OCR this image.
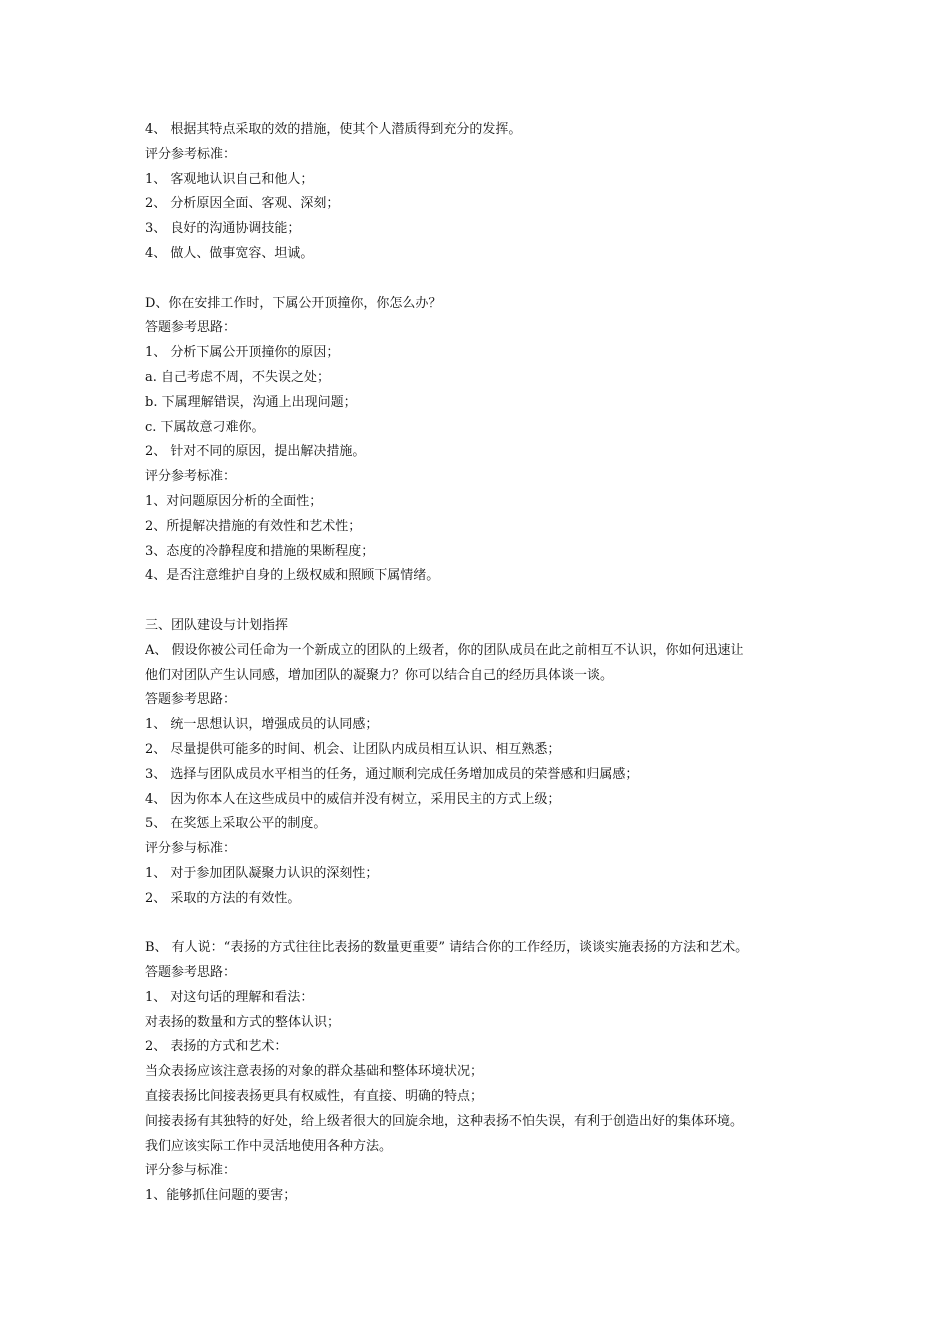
4、 根据其特点采取的效的措施，使其个人潜质得到充分的发挥。
评分参考标准：
1、 客观地认识自己和他人；
2、 分析原因全面、客观、深刻；
3、 良好的沟通协调技能；
4、 做人、做事宽容、坦诚。
D、你在安排工作时，下属公开顶撞你，你怎么办？
答题参考思路：
1、 分析下属公开顶撞你的原因；
a. 自己考虑不周，不失误之处；
b. 下属理解错误，沟通上出现问题；
c. 下属故意刁难你。
2、 针对不同的原因，提出解决措施。
评分参考标准：
1、对问题原因分析的全面性；
2、所提解决措施的有效性和艺术性；
3、态度的冷静程度和措施的果断程度；
4、是否注意维护自身的上级权威和照顾下属情绪。
三、团队建设与计划指挥
A、 假设你被公司任命为一个新成立的团队的上级者，你的团队成员在此之前相互不认识，你如何迅速让
他们对团队产生认同感，增加团队的凝聚力？你可以结合自己的经历具体谈一谈。
答题参考思路：
1、 统一思想认识，增强成员的认同感；
2、 尽量提供可能多的时间、机会、让团队内成员相互认识、相互熟悉；
3、 选择与团队成员水平相当的任务，通过顺利完成任务增加成员的荣誉感和归属感；
4、 因为你本人在这些成员中的威信并没有树立，采用民主的方式上级；
5、 在奖惩上采取公平的制度。
评分参与标准：
1、 对于参加团队凝聚力认识的深刻性；
2、 采取的方法的有效性。
B、 有人说：“表扬的方式往往比表扬的数量更重要” 请结合你的工作经历，谈谈实施表扬的方法和艺术。
答题参考思路：
1、 对这句话的理解和看法：
对表扬的数量和方式的整体认识；
2、 表扬的方式和艺术：
当众表扬应该注意表扬的对象的群众基础和整体环境状况；
直接表扬比间接表扬更具有权威性，有直接、明确的特点；
间接表扬有其独特的好处，给上级者很大的回旋余地，这种表扬不怕失误，有利于创造出好的集体环境。
我们应该实际工作中灵活地使用各种方法。
评分参与标准：
1、能够抓住问题的要害；
